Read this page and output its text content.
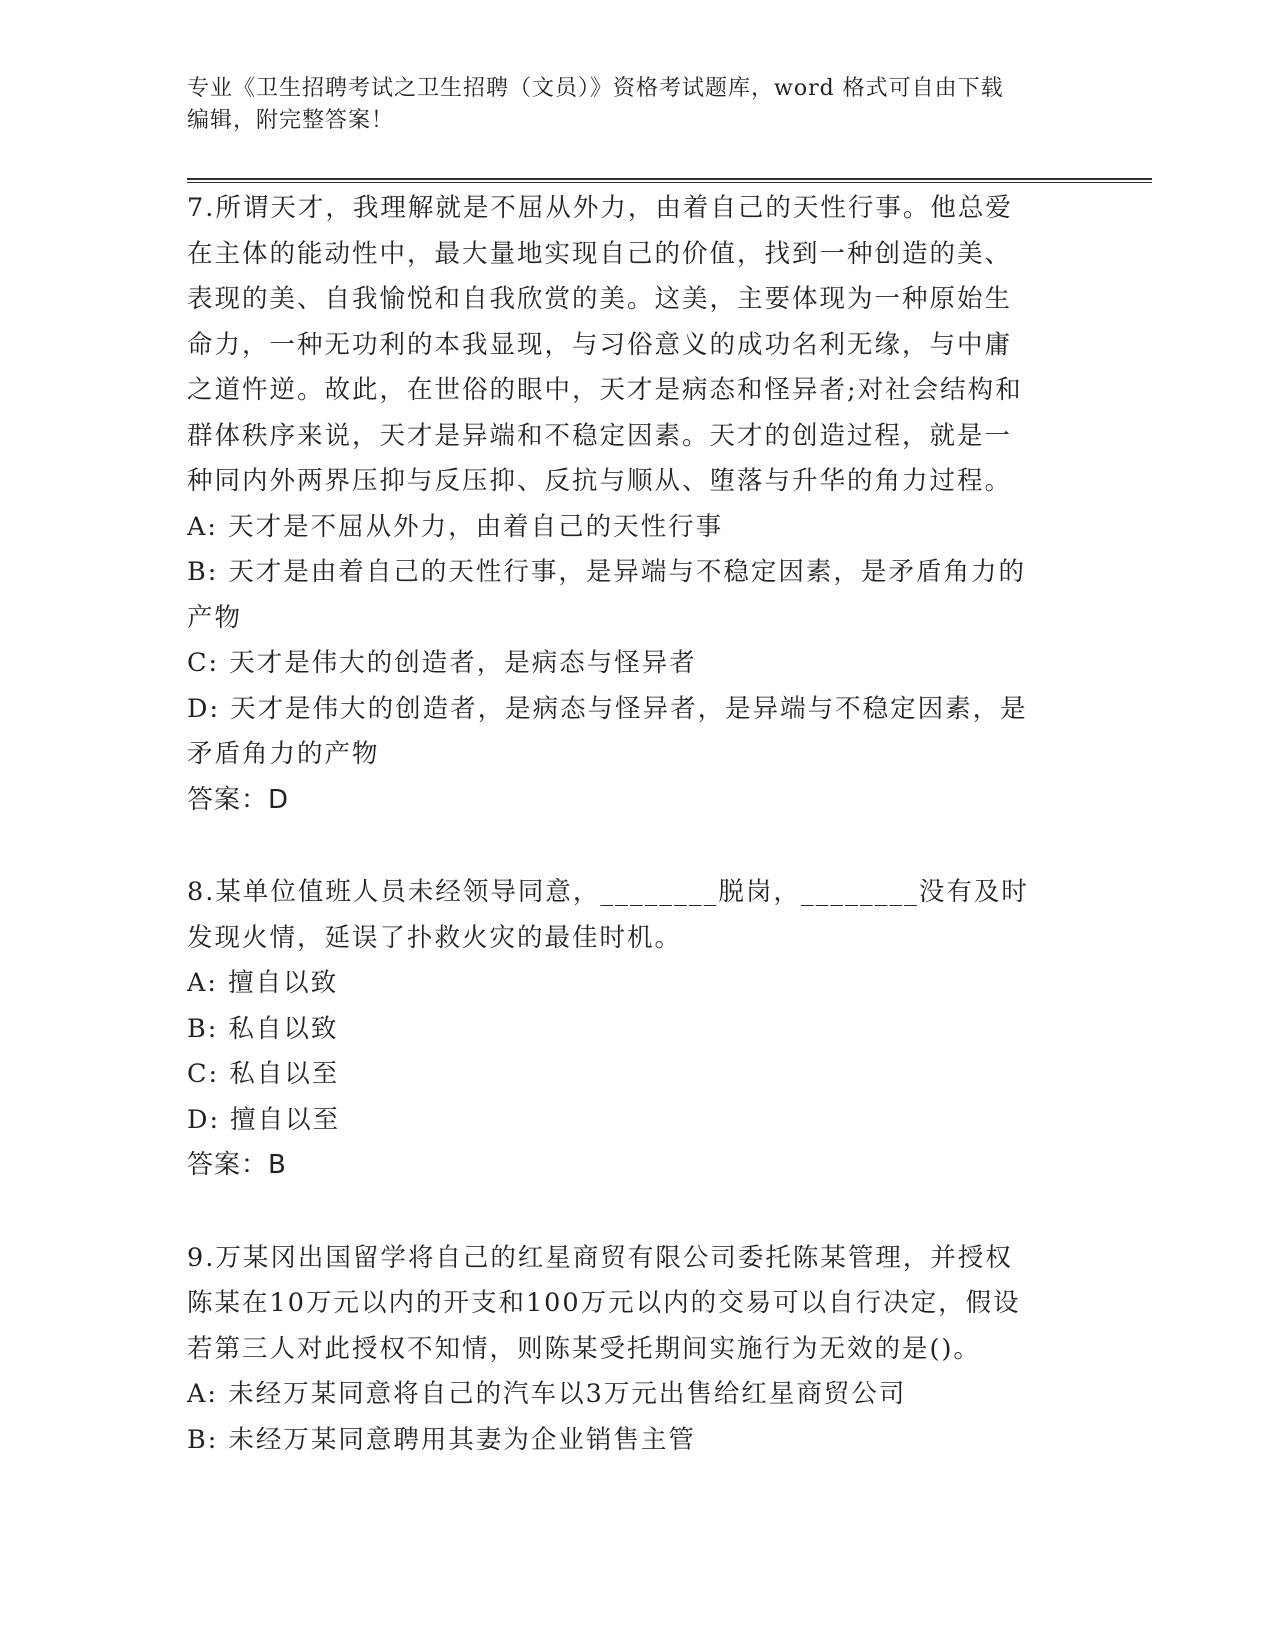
专业《卫生招聘考试之卫生招聘（文员）》资格考试题库，word 格式可自由下载
编辑，附完整答案！
7.所谓天才，我理解就是不屈从外力，由着自己的天性行事。他总爱
在主体的能动性中，最大量地实现自己的价值，找到一种创造的美、
表现的美、自我愉悦和自我欣赏的美。这美，主要体现为一种原始生
命力，一种无功利的本我显现，与习俗意义的成功名利无缘，与中庸
之道忤逆。故此，在世俗的眼中，天才是病态和怪异者;对社会结构和
群体秩序来说，天才是异端和不稳定因素。天才的创造过程，就是一
种同内外两界压抑与反压抑、反抗与顺从、堕落与升华的角力过程。
A: 天才是不屈从外力，由着自己的天性行事
B: 天才是由着自己的天性行事，是异端与不稳定因素，是矛盾角力的
产物
C: 天才是伟大的创造者，是病态与怪异者
D: 天才是伟大的创造者，是病态与怪异者，是异端与不稳定因素，是
矛盾角力的产物
答案：D
8.某单位值班人员未经领导同意，________脱岗，________没有及时
发现火情，延误了扑救火灾的最佳时机。
A: 擅自以致
B: 私自以致
C: 私自以至
D: 擅自以至
答案：B
9.万某冈出国留学将自己的红星商贸有限公司委托陈某管理，并授权
陈某在10万元以内的开支和100万元以内的交易可以自行决定，假设
若第三人对此授权不知情，则陈某受托期间实施行为无效的是()。
A: 未经万某同意将自己的汽车以3万元出售给红星商贸公司
B: 未经万某同意聘用其妻为企业销售主管
